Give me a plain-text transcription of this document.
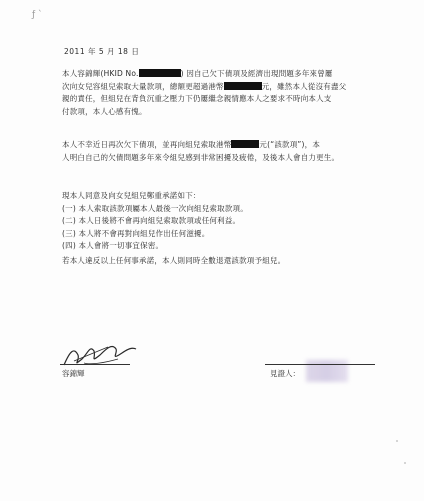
ƒ ˋ
2011 年 5 月 18 日
本人容錦輝(HKID No.	) 因自己欠下債項及經濟出現問題多年來曾屢
次向女兒容組兒索取大量款項，總額更超過港幣	元，雖然本人從沒有盡父
親的責任，但組兒在背負沉重之壓力下仍屢繼念親情應本人之要求不時向本人支
付款項，本人心感有愧。
本人不幸近日再次欠下債項，並再向組兒索取港幣	元(“該款項”)，本
人明白自己的欠債問題多年來令組兒感到非常困擾及疲倦，及後本人會自力更生。
現本人同意及向女兒組兒鄭重承諾如下：
(一) 本人索取該款項屬本人最後一次向組兒索取款項。
(二) 本人日後將不會再向組兒索取款項或任何利益。
(三) 本人將不會再對向組兒作出任何滋擾。
(四) 本人會將一切事宜保密。
若本人違反以上任何事承諾，本人則同時全數退還該款項予組兒。
容錦輝	見證人：
